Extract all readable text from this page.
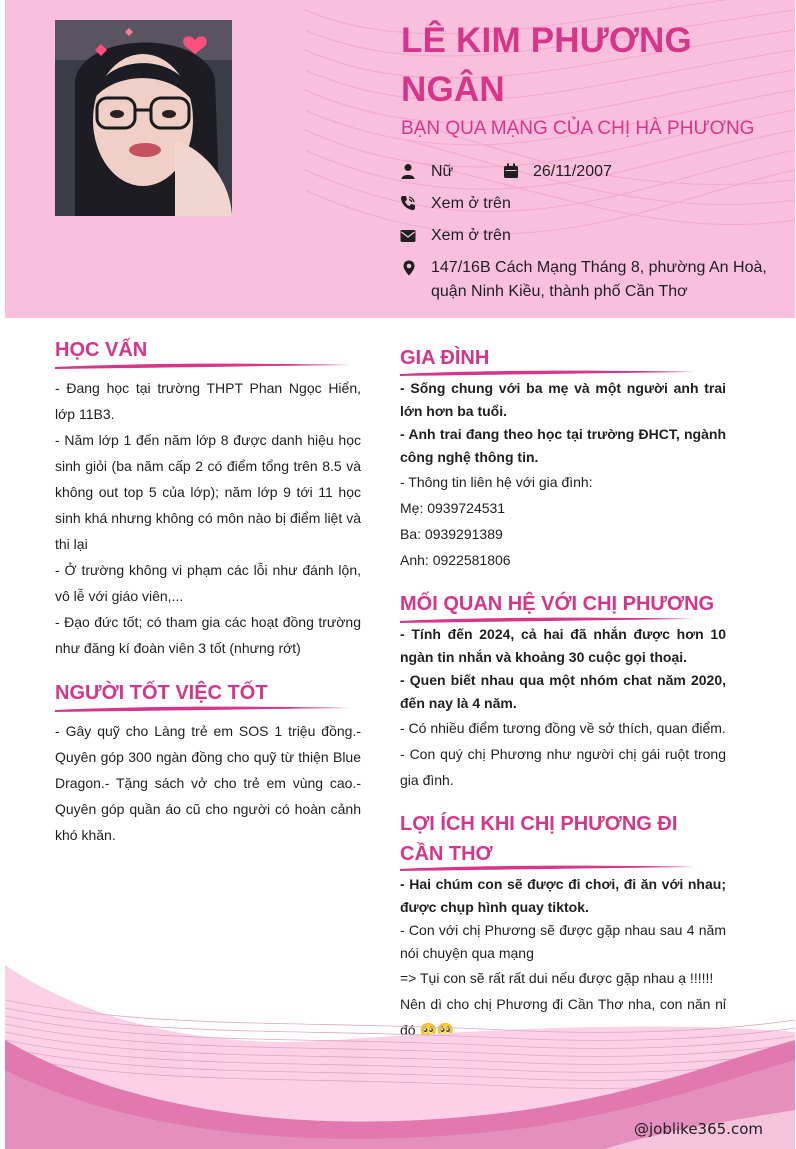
LÊ KIM PHƯƠNG NGÂN
BẠN QUA MẠNG CỦA CHỊ HÀ PHƯƠNG
Nữ	26/11/2007
Xem ở trên
Xem ở trên
147/16B Cách Mạng Tháng 8, phường An Hoà, quận Ninh Kiều, thành phố Cần Thơ
HỌC VẤN

- Đang học tại trường THPT Phan Ngọc Hiển, lớp 11B3.

- Năm lớp 1 đến năm lớp 8 được danh hiệu học sinh giỏi (ba năm cấp 2 có điểm tổng trên 8.5 và không out top 5 của lớp); năm lớp 9 tới 11 học sinh khá nhưng không có môn nào bị điểm liệt và thi lại

- Ở trường không vi phạm các lỗi như đánh lộn, vô lễ với giáo viên,...

- Đạo đức tốt; có tham gia các hoạt đồng trường như đăng kí đoàn viên 3 tốt (nhưng rớt)

NGƯỜI TỐT VIỆC TỐT

- Gây quỹ cho Làng trẻ em SOS 1 triệu đồng.- Quyên góp 300 ngàn đồng cho quỹ từ thiện Blue Dragon.- Tặng sách vở cho trẻ em vùng cao.- Quyên góp quần áo cũ cho người có hoàn cảnh khó khăn.

GIA ĐÌNH

- Sống chung với ba mẹ và một người anh trai lớn hơn ba tuổi.

- Anh trai đang theo học tại trường ĐHCT, ngành công nghệ thông tin.

- Thông tin liên hệ với gia đình:

Mẹ: 0939724531

Ba: 0939291389

Anh: 0922581806

MỐI QUAN HỆ VỚI CHỊ PHƯƠNG

- Tính đến 2024, cả hai đã nhắn được hơn 10 ngàn tin nhắn và khoảng 30 cuộc gọi thoại.

- Quen biết nhau qua một nhóm chat năm 2020, đến nay là 4 năm.

- Có nhiều điểm tương đồng về sở thích, quan điểm.

- Con quý chị Phương như người chị gái ruột trong gia đình.

LỢI ÍCH KHI CHỊ PHƯƠNG ĐI CẦN THƠ

- Hai chúm con sẽ được đi chơi, đi ăn với nhau; được chụp hình quay tiktok.

- Con với chị Phương sẽ được gặp nhau sau 4 năm nói chuyện qua mạng

=> Tụi con sẽ rất rất dui nếu được gặp nhau ạ !!!!!!

Nên dì cho chị Phương đi Cần Thơ nha, con năn nỉ đó 🥺🥺

@joblike365.com
